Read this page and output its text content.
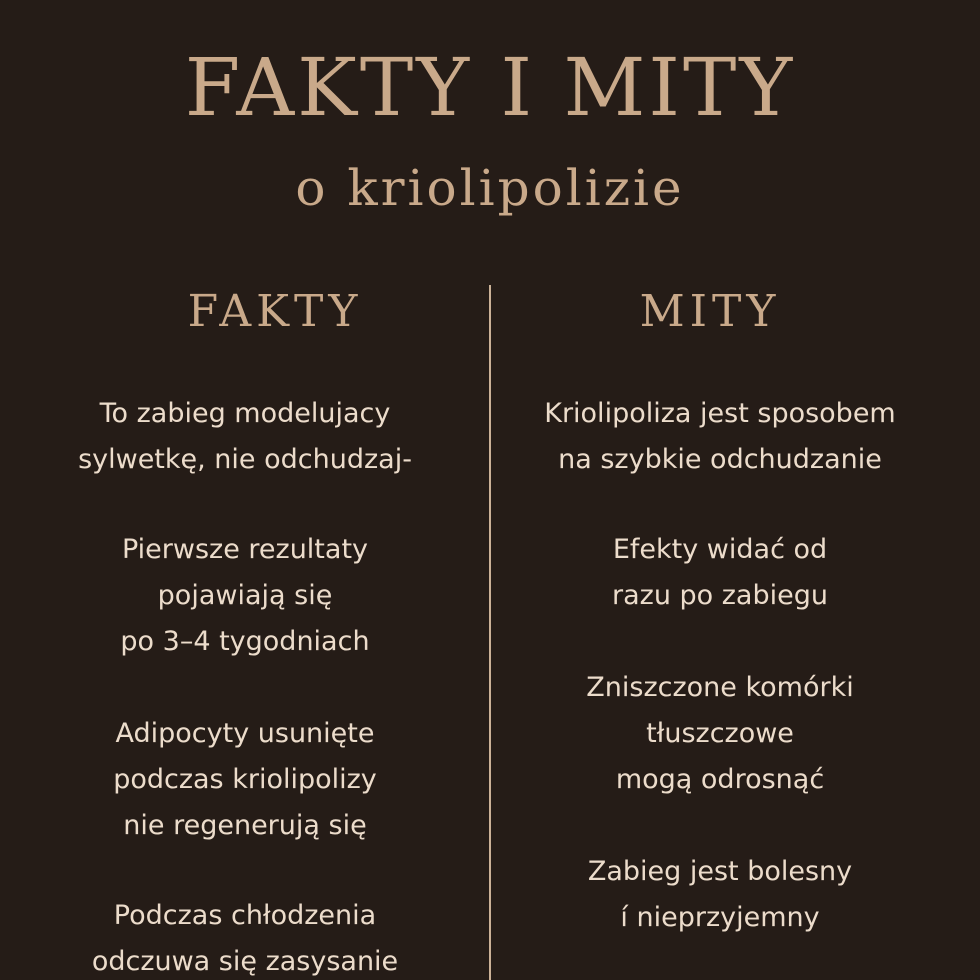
FAKTY I MITY
o kriolipolizie
FAKTY	MITY
To zabieg modelujacy
sylwetkę, nie odchudzaj-
Pierwsze rezultaty
pojawiają się
po 3–4 tygodniach
Adipocyty usunięte
podczas kriolipolizy
nie regenerują się
Podczas chłodzenia
odczuwa się zasysanie
Kriolipoliza jest sposobem
na szybkie odchudzanie
Efekty widać od
razu po zabiegu
Zniszczone komórki
tłuszczowe
mogą odrosnąć
Zabieg jest bolesny
í nieprzyjemny
